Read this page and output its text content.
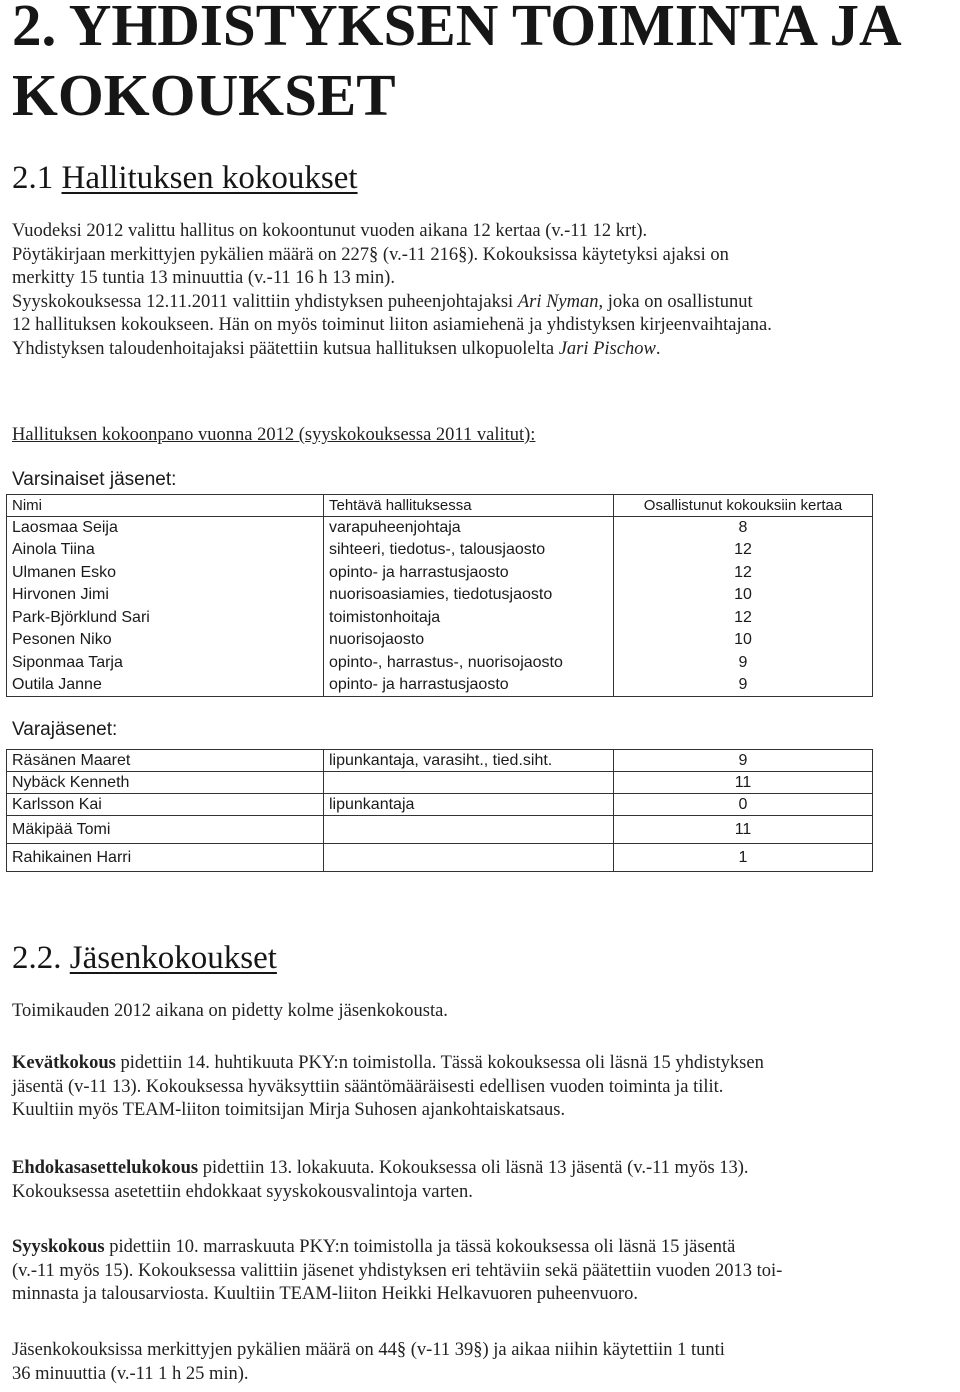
2. YHDISTYKSEN TOIMINTA JA
KOKOUKSET
2.1 Hallituksen kokoukset

Vuodeksi 2012 valittu hallitus on kokoontunut vuoden aikana 12 kertaa (v.-11 12 krt).
Pöytäkirjaan merkittyjen pykälien määrä on 227§ (v.-11 216§). Kokouksissa käytetyksi ajaksi on
merkitty 15 tuntia 13 minuuttia (v.-11 16 h 13 min).
Syyskokouksessa 12.11.2011 valittiin yhdistyksen puheenjohtajaksi Ari Nyman, joka on osallistunut
12 hallituksen kokoukseen. Hän on myös toiminut liiton asiamiehenä ja yhdistyksen kirjeenvaihtajana.
Yhdistyksen taloudenhoitajaksi päätettiin kutsua hallituksen ulkopuolelta Jari Pischow.

Hallituksen kokoonpano vuonna 2012 (syyskokouksessa 2011 valitut):

Varsinaiset jäsenet:

Nimi	Tehtävä hallituksessa	Osallistunut kokouksiin kertaa
Laosmaa Seija	varapuheenjohtaja	8
Ainola Tiina	sihteeri, tiedotus-, talousjaosto	12
Ulmanen Esko	opinto- ja harrastusjaosto	12
Hirvonen Jimi	nuorisoasiamies, tiedotusjaosto	10
Park-Björklund Sari	toimistonhoitaja	12
Pesonen Niko	nuorisojaosto	10
Siponmaa Tarja	opinto-, harrastus-, nuorisojaosto	9
Outila Janne	opinto- ja harrastusjaosto	9

Varajäsenet:

Räsänen Maaret	lipunkantaja, varasiht., tied.siht.	9
Nybäck Kenneth		11
Karlsson Kai	lipunkantaja	0
Mäkipää Tomi		11
Rahikainen Harri		1
2.2. Jäsenkokoukset

Toimikauden 2012 aikana on pidetty kolme jäsenkokousta.

Kevätkokous pidettiin 14. huhtikuuta PKY:n toimistolla. Tässä kokouksessa oli läsnä 15 yhdistyksen
jäsentä (v-11 13). Kokouksessa hyväksyttiin sääntömääräisesti edellisen vuoden toiminta ja tilit.
Kuultiin myös TEAM-liiton toimitsijan Mirja Suhosen ajankohtaiskatsaus.

Ehdokasasettelukokous pidettiin 13. lokakuuta. Kokouksessa oli läsnä 13 jäsentä (v.-11 myös 13).
Kokouksessa asetettiin ehdokkaat syyskokousvalintoja varten.

Syyskokous pidettiin 10. marraskuuta PKY:n toimistolla ja tässä kokouksessa oli läsnä 15 jäsentä
(v.-11 myös 15). Kokouksessa valittiin jäsenet yhdistyksen eri tehtäviin sekä päätettiin vuoden 2013 toi-
minnasta ja talousarviosta. Kuultiin TEAM-liiton Heikki Helkavuoren puheenvuoro.

Jäsenkokouksissa merkittyjen pykälien määrä on 44§ (v-11 39§) ja aikaa niihin käytettiin 1 tunti
36 minuuttia (v.-11 1 h 25 min).
